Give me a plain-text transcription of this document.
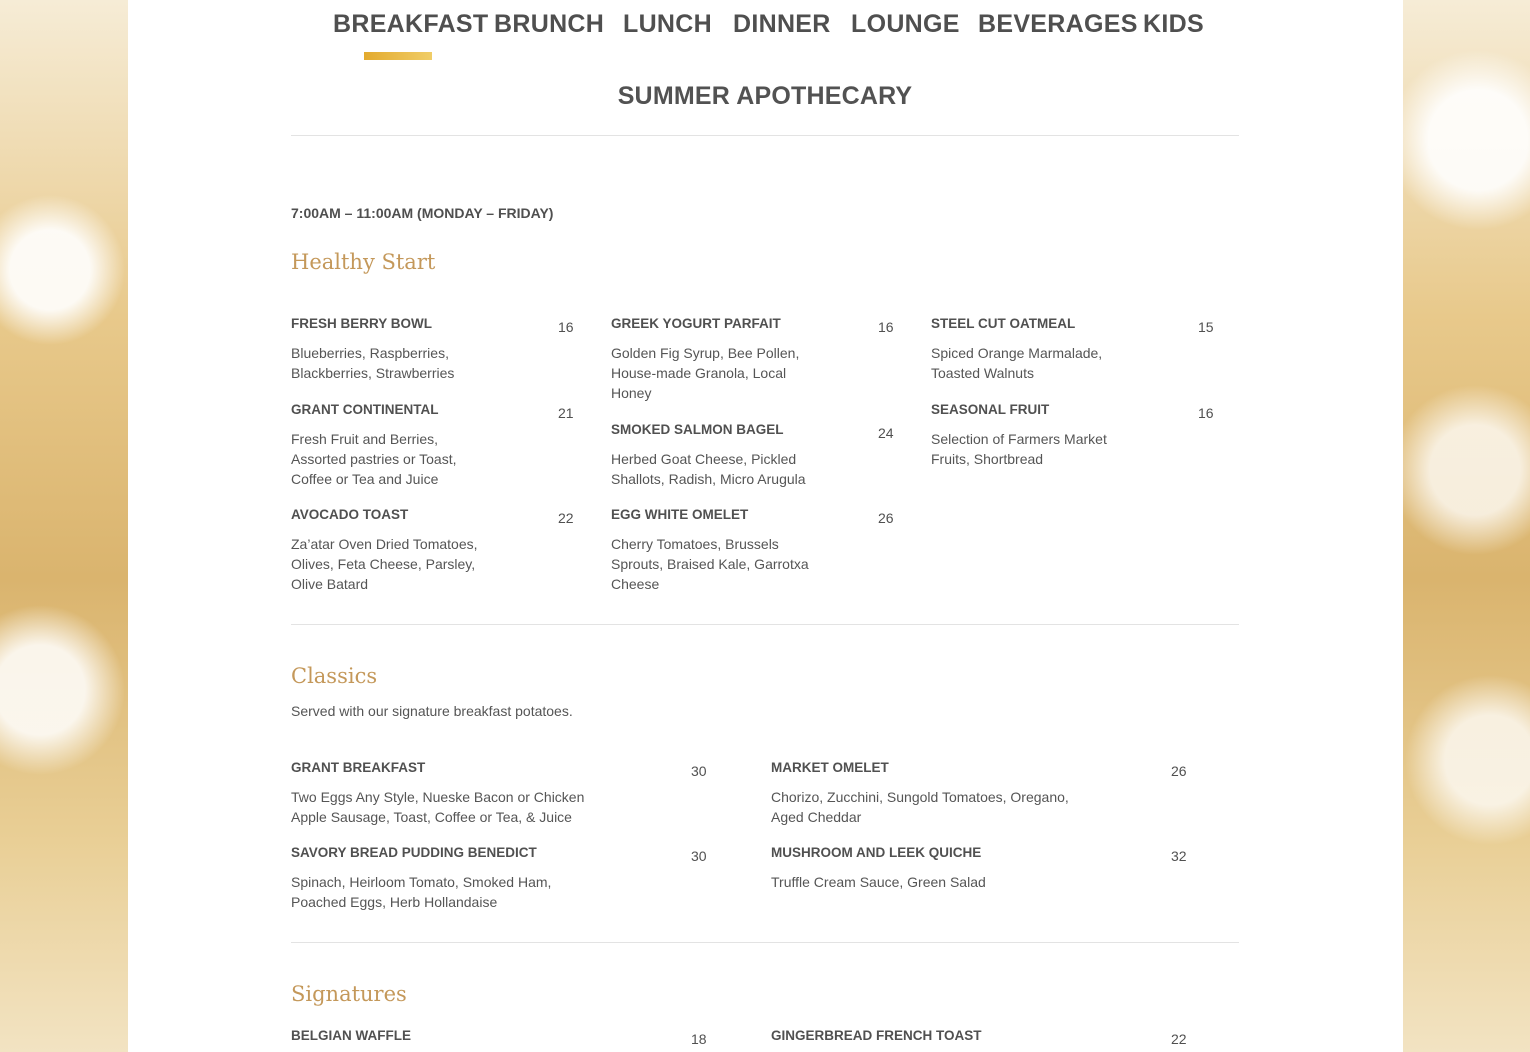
BREAKFAST BRUNCH LUNCH DINNER LOUNGE BEVERAGES KIDS
SUMMER APOTHECARY
7:00AM – 11:00AM (MONDAY – FRIDAY)
Healthy Start
FRESH BERRY BOWL	16
Blueberries, Raspberries, Blackberries, Strawberries
GRANT CONTINENTAL	21
Fresh Fruit and Berries, Assorted pastries or Toast, Coffee or Tea and Juice
AVOCADO TOAST	22
Za’atar Oven Dried Tomatoes, Olives, Feta Cheese, Parsley, Olive Batard
GREEK YOGURT PARFAIT	16
Golden Fig Syrup, Bee Pollen, House-made Granola, Local Honey
SMOKED SALMON BAGEL	24
Herbed Goat Cheese, Pickled Shallots, Radish, Micro Arugula
EGG WHITE OMELET	26
Cherry Tomatoes, Brussels Sprouts, Braised Kale, Garrotxa Cheese
STEEL CUT OATMEAL	15
Spiced Orange Marmalade, Toasted Walnuts
SEASONAL FRUIT	16
Selection of Farmers Market Fruits, Shortbread
Classics
Served with our signature breakfast potatoes.
GRANT BREAKFAST	30
Two Eggs Any Style, Nueske Bacon or Chicken Apple Sausage, Toast, Coffee or Tea, & Juice
SAVORY BREAD PUDDING BENEDICT	30
Spinach, Heirloom Tomato, Smoked Ham, Poached Eggs, Herb Hollandaise
MARKET OMELET	26
Chorizo, Zucchini, Sungold Tomatoes, Oregano, Aged Cheddar
MUSHROOM AND LEEK QUICHE	32
Truffle Cream Sauce, Green Salad
Signatures
BELGIAN WAFFLE	18	GINGERBREAD FRENCH TOAST	22
